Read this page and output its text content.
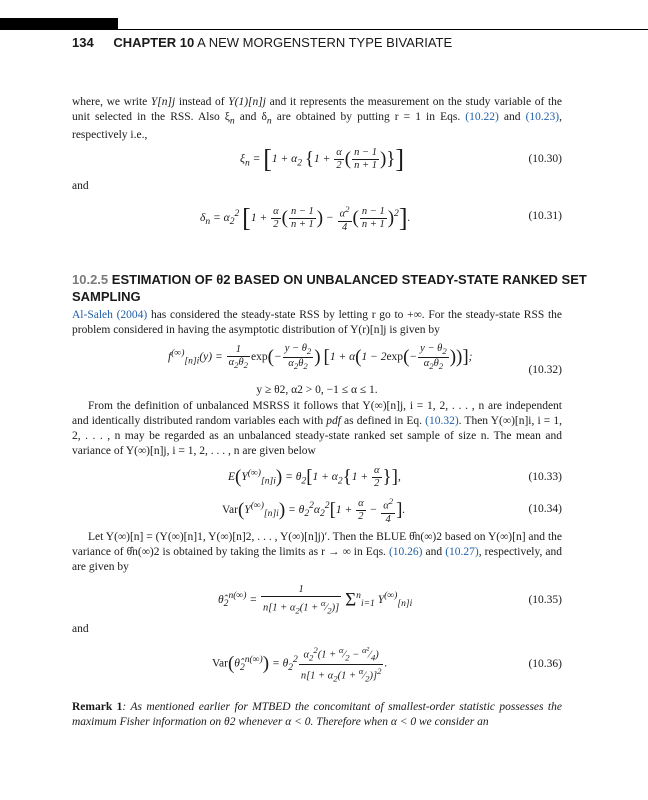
134 CHAPTER 10 A NEW MORGENSTERN TYPE BIVARIATE
where, we write Y[n]j instead of Y(1)[n]j and it represents the measurement on the study variable of the unit selected in the RSS. Also $\xi_n$ and $\delta_n$ are obtained by putting r = 1 in Eqs. (10.22) and (10.23), respectively i.e.,
$\xi_n = [1 + \alpha_2$ {$1 + \frac{\alpha}{2}$ ( $\frac{n - 1}{n + 1}$ )}]	(10.30)
and
$\delta_n = \alpha_2^2$ [$1 + \frac{\alpha}{2}$ ( $\frac{n - 1}{n + 1}$ ) − $\frac{\alpha^2}{4}$ ( $\frac{n - 1}{n + 1} )^2$].	(10.31)
10.2.5 ESTIMATION OF θ2 BASED ON UNBALANCED STEADY-STATE RANKED SET SAMPLING
Al-Saleh (2004) has considered the steady-state RSS by letting r go to +∞. For the steady-state RSS the problem considered in having the asymptotic distribution of Y(r)[n]j is given by
$f^{(\infty)}_{[n]i}(y) = \frac{1}{\alpha_2\theta_2} \exp(- \frac{y - \theta_2}{\alpha_2\theta_2}$ ) [$1 + \alpha(1 - 2\exp(- \frac{y - \theta_2}{\alpha_2\theta_2}$ ))];
(10.32)
y ≥ θ2, α2 > 0, −1 ≤ α ≤ 1.
From the definition of unbalanced MSRSS it follows that Y(∞)[n]j, i = 1, 2, . . . , n are independent and identically distributed random variables each with pdf as defined in Eq. (10.32). Then Y(∞)[n]i, i = 1, 2, . . . , n may be regarded as an unbalanced steady-state ranked set sample of size n. The mean and variance of Y(∞)[n]j, i = 1, 2, . . . , n are given below
$E(Y^{(\infty)}_{[n]i}) = \theta_2[1 + \alpha_2\{1 + \frac{\alpha}{2}$ }],	(10.33)
$Var(Y^{(\infty)}_{[n]i}) = \theta_2^2\alpha_2^2[1 + \frac{\alpha}{2} - \frac{\alpha^2}{4}$ ].	(10.34)
Let Y(∞)[n] = (Y(∞)[n]1, Y(∞)[n]2, . . . , Y(∞)[n]j)′. Then the BLUE θ̂n(∞)2 based on Y(∞)[n] and the variance of θ̂n(∞)2 is obtained by taking the limits as r → ∞ in Eqs. (10.26) and (10.27), respectively, and are given by
$\thetâ_2^{n(\infty)} = \frac{1}{n[1 + \alpha_2(1 + ^\alpha⁄_2)]} \Sigma^n_{i=1}$ $Y^{(\infty)}_{[n]i}$	(10.35)
and
$Var(\thetâ_2^{n(\infty)}) = \theta_2^2 \frac{\alpha_2^2(1 + ^\alpha⁄_2 - ^{\alpha^2}⁄_4)}{n[1 + \alpha_2(1 + ^\alpha⁄_2)]^2}$ .	(10.36)
Remark 1: As mentioned earlier for MTBED the concomitant of smallest-order statistic possesses the maximum Fisher information on θ2 whenever α < 0. Therefore when α < 0 we consider an
